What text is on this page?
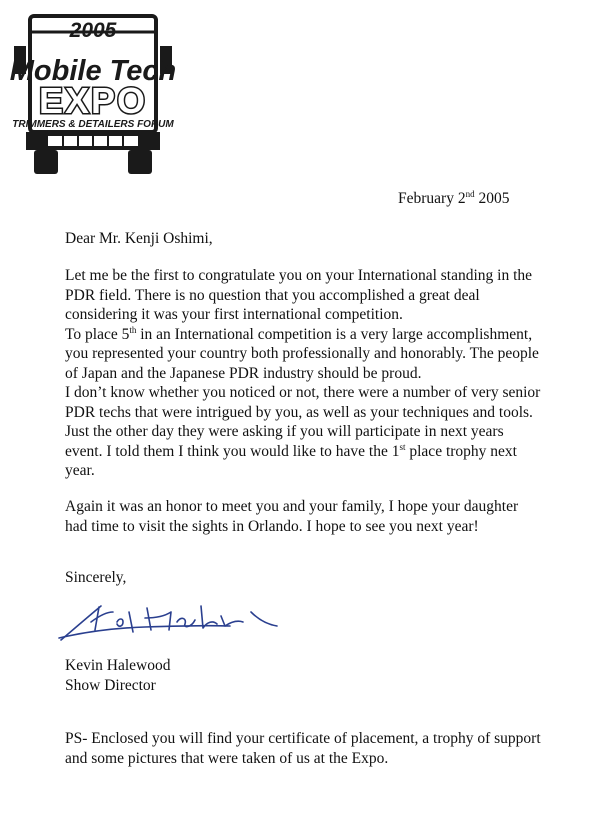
2005
Mobile Tech
EXPO
TRIMMERS & DETAILERS FORUM
February 2nd 2005
Dear Mr. Kenji Oshimi,

Let me be the first to congratulate you on your International standing in the

PDR field. There is no question that you accomplished a great deal

considering it was your first international competition.

To place 5th in an International competition is a very large accomplishment,

you represented your country both professionally and honorably. The people

of Japan and the Japanese PDR industry should be proud.

I don’t know whether you noticed or not, there were a number of very senior

PDR techs that were intrigued by you, as well as your techniques and tools.

Just the other day they were asking if you will participate in next years

event. I told them I think you would like to have the 1st place trophy next

year.

Again it was an honor to meet you and your family, I hope your daughter

had time to visit the sights in Orlando. I hope to see you next year!

Sincerely,

Kevin Halewood

Show Director

PS- Enclosed you will find your certificate of placement, a trophy of support

and some pictures that were taken of us at the Expo.
